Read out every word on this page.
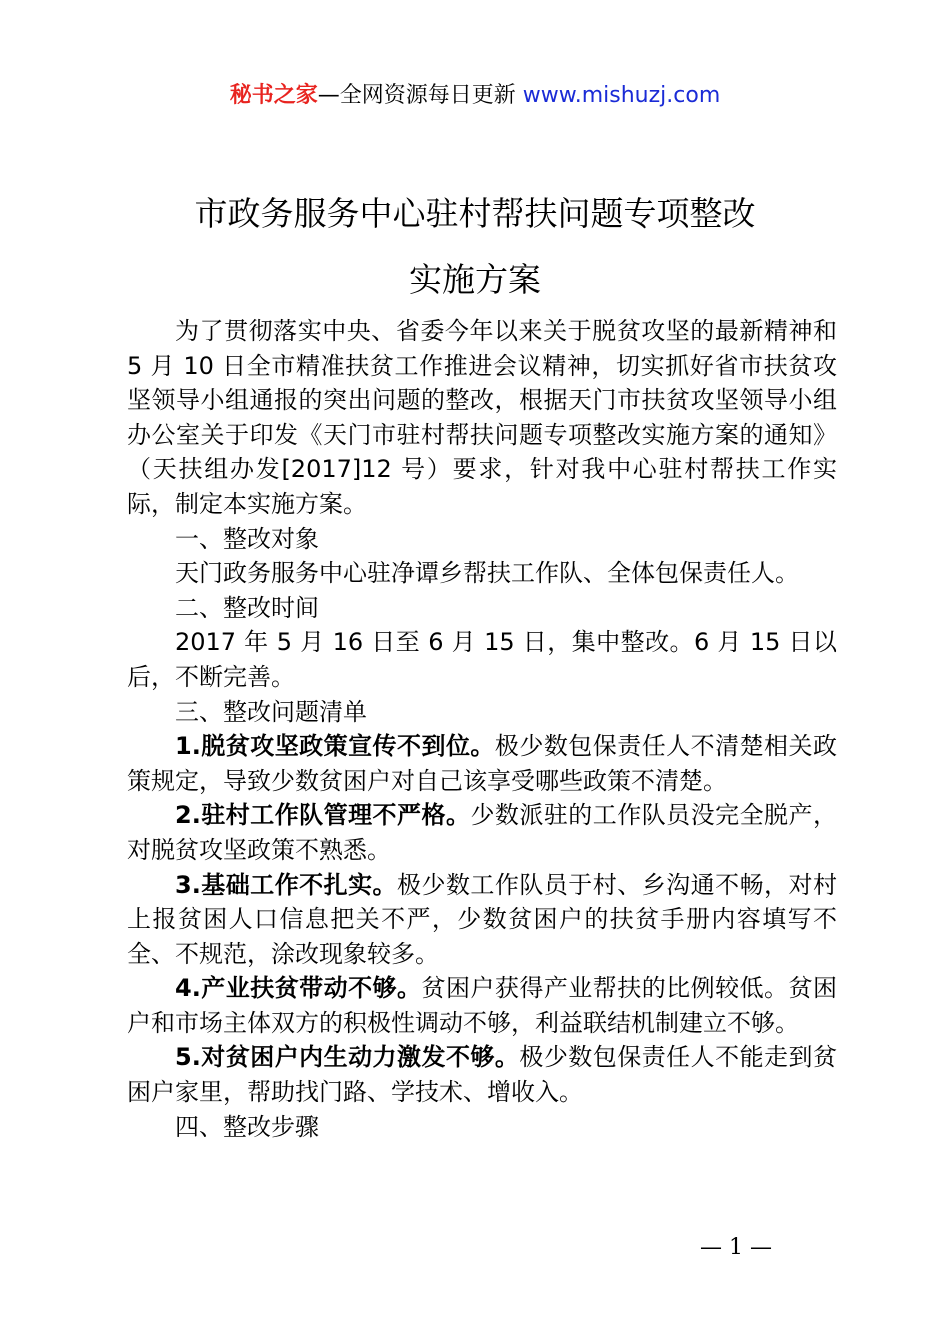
秘书之家—全网资源每日更新 www.mishuzj.com
市政务服务中心驻村帮扶问题专项整改
实施方案

为了贯彻落实中央、省委今年以来关于脱贫攻坚的最新精神和 5 月 10 日全市精准扶贫工作推进会议精神，切实抓好省市扶贫攻坚领导小组通报的突出问题的整改，根据天门市扶贫攻坚领导小组办公室关于印发《天门市驻村帮扶问题专项整改实施方案的通知》（天扶组办发[2017]12 号）要求，针对我中心驻村帮扶工作实际，制定本实施方案。

一、整改对象

天门政务服务中心驻净谭乡帮扶工作队、全体包保责任人。

二、整改时间

2017 年 5 月 16 日至 6 月 15 日，集中整改。6 月 15 日以后，不断完善。

三、整改问题清单

1.脱贫攻坚政策宣传不到位。极少数包保责任人不清楚相关政策规定，导致少数贫困户对自己该享受哪些政策不清楚。

2.驻村工作队管理不严格。少数派驻的工作队员没完全脱产，对脱贫攻坚政策不熟悉。

3.基础工作不扎实。极少数工作队员于村、乡沟通不畅，对村上报贫困人口信息把关不严，少数贫困户的扶贫手册内容填写不全、不规范，涂改现象较多。

4.产业扶贫带动不够。贫困户获得产业帮扶的比例较低。贫困户和市场主体双方的积极性调动不够，利益联结机制建立不够。

5.对贫困户内生动力激发不够。极少数包保责任人不能走到贫困户家里，帮助找门路、学技术、增收入。

四、整改步骤

— 1 —
